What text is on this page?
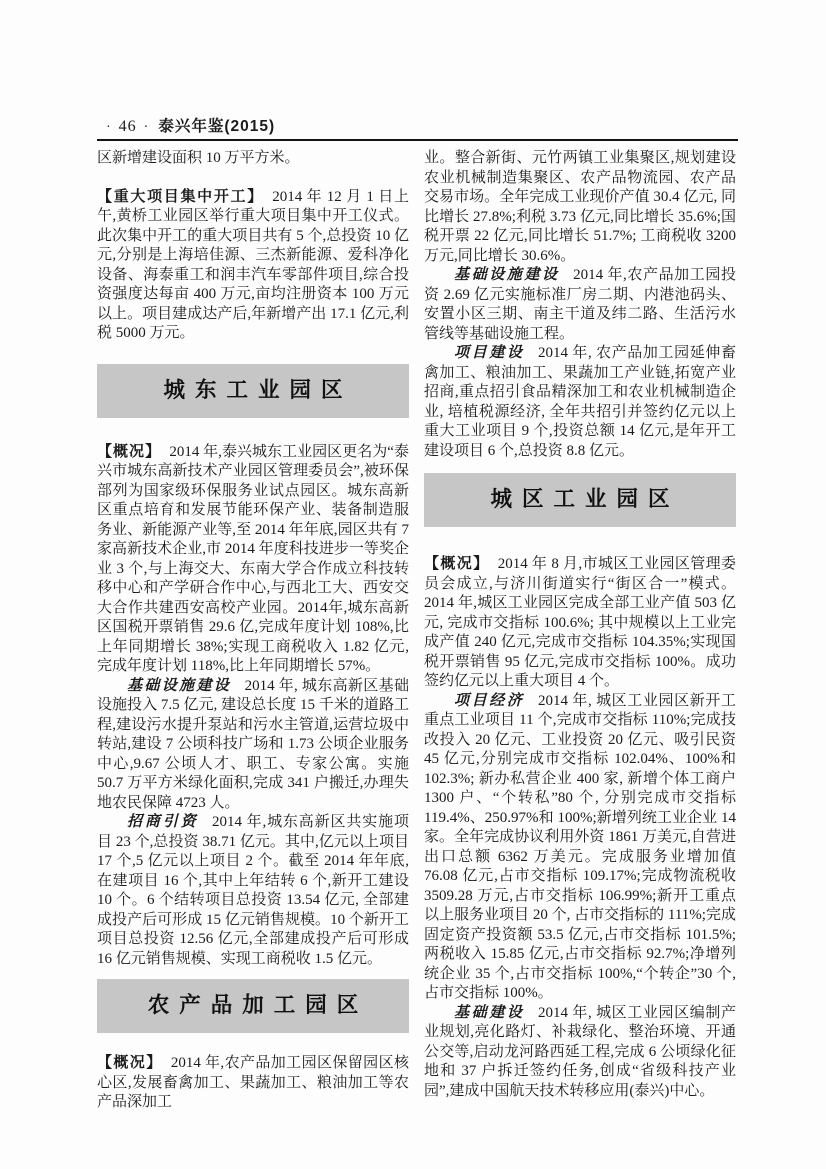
· 46 · 泰兴年鉴(2015)

区新增建设面积 10 万平方米。

【重大项目集中开工】 2014 年 12 月 1 日上午,黄桥工业园区举行重大项目集中开工仪式。此次集中开工的重大项目共有 5 个,总投资 10 亿元,分别是上海培佳源、三杰新能源、爱科净化设备、海泰重工和润丰汽车零部件项目,综合投资强度达每亩 400 万元,亩均注册资本 100 万元以上。项目建成达产后,年新增产出 17.1 亿元,利税 5000 万元。

城东工业园区

【概况】 2014 年,泰兴城东工业园区更名为“泰兴市城东高新技术产业园区管理委员会”,被环保部列为国家级环保服务业试点园区。城东高新区重点培育和发展节能环保产业、装备制造服务业、新能源产业等,至 2014 年年底,园区共有 7 家高新技术企业,市 2014 年度科技进步一等奖企业 3 个,与上海交大、东南大学合作成立科技转移中心和产学研合作中心,与西北工大、西安交大合作共建西安高校产业园。2014年,城东高新区国税开票销售 29.6 亿,完成年度计划 108%,比上年同期增长 38%;实现工商税收入 1.82 亿元,完成年度计划 118%,比上年同期增长 57%。

基础设施建设 2014 年, 城东高新区基础设施投入 7.5 亿元, 建设总长度 15 千米的道路工程,建设污水提升泵站和污水主管道,运营垃圾中转站,建设 7 公顷科技广场和 1.73 公顷企业服务中心,9.67 公顷人才、职工、专家公寓。实施 50.7 万平方米绿化面积,完成 341 户搬迁,办理失地农民保障 4723 人。

招商引资 2014 年,城东高新区共实施项目 23 个,总投资 38.71 亿元。其中,亿元以上项目 17 个,5 亿元以上项目 2 个。截至 2014 年年底,在建项目 16 个,其中上年结转 6 个,新开工建设 10 个。6 个结转项目总投资 13.54 亿元, 全部建成投产后可形成 15 亿元销售规模。10 个新开工项目总投资 12.56 亿元,全部建成投产后可形成 16 亿元销售规模、实现工商税收 1.5 亿元。

农产品加工园区

【概况】 2014 年,农产品加工园区保留园区核心区,发展畜禽加工、果蔬加工、粮油加工等农产品深加工

业。整合新街、元竹两镇工业集聚区,规划建设农业机械制造集聚区、农产品物流园、农产品交易市场。全年完成工业现价产值 30.4 亿元, 同比增长 27.8%;利税 3.73 亿元,同比增长 35.6%;国税开票 22 亿元,同比增长 51.7%; 工商税收 3200 万元,同比增长 30.6%。

基础设施建设 2014 年,农产品加工园投资 2.69 亿元实施标准厂房二期、内港池码头、安置小区三期、南主干道及纬二路、生活污水管线等基础设施工程。

项目建设 2014 年, 农产品加工园延伸畜禽加工、粮油加工、果蔬加工产业链,拓宽产业招商,重点招引食品精深加工和农业机械制造企业, 培植税源经济, 全年共招引并签约亿元以上重大工业项目 9 个,投资总额 14 亿元,是年开工建设项目 6 个,总投资 8.8 亿元。

城区工业园区

【概况】 2014 年 8 月,市城区工业园区管理委员会成立,与济川街道实行“街区合一”模式。2014 年,城区工业园区完成全部工业产值 503 亿元, 完成市交指标 100.6%; 其中规模以上工业完成产值 240 亿元,完成市交指标 104.35%;实现国税开票销售 95 亿元,完成市交指标 100%。成功签约亿元以上重大项目 4 个。

项目经济 2014 年, 城区工业园区新开工重点工业项目 11 个,完成市交指标 110%;完成技改投入 20 亿元、工业投资 20 亿元、吸引民资 45 亿元,分别完成市交指标 102.04%、100%和 102.3%; 新办私营企业 400 家, 新增个体工商户 1300 户、“个转私”80 个, 分别完成市交指标 119.4%、250.97%和 100%;新增列统工业企业 14 家。全年完成协议利用外资 1861 万美元,自营进出口总额 6362 万美元。完成服务业增加值 76.08 亿元,占市交指标 109.17%;完成物流税收 3509.28 万元,占市交指标 106.99%;新开工重点以上服务业项目 20 个, 占市交指标的 111%;完成固定资产投资额 53.5 亿元,占市交指标 101.5%;两税收入 15.85 亿元,占市交指标 92.7%;净增列统企业 35 个,占市交指标 100%,“个转企”30 个,占市交指标 100%。

基础建设 2014 年, 城区工业园区编制产业规划,亮化路灯、补栽绿化、整治环境、开通公交等,启动龙河路西延工程,完成 6 公顷绿化征地和 37 户拆迁签约任务,创成“省级科技产业园”,建成中国航天技术转移应用(泰兴)中心。
